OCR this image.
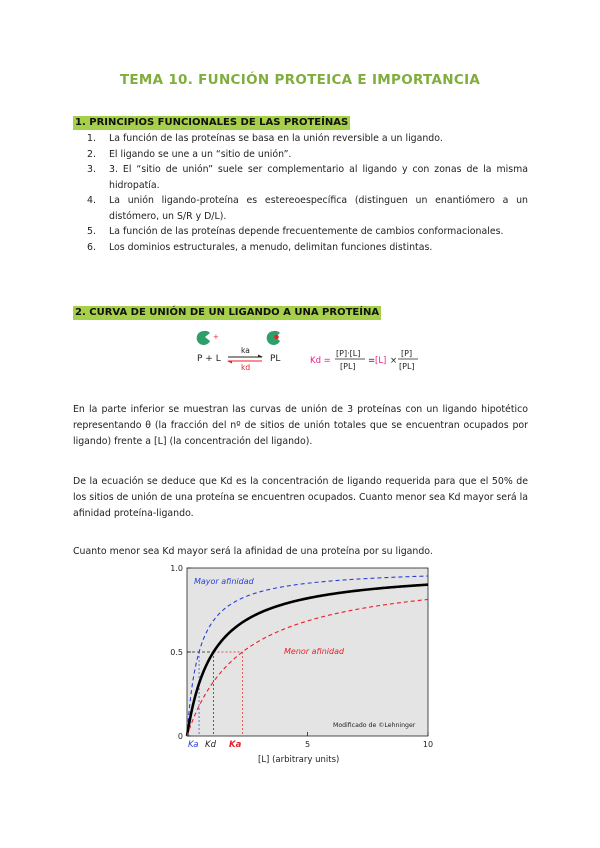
TEMA 10. FUNCIÓN PROTEICA E IMPORTANCIA
1. PRINCIPIOS FUNCIONALES DE LAS PROTEÍNAS
1. La función de las proteínas se basa en la unión reversible a un ligando.
2. El ligando se une a un “sitio de unión”.
3. 3. El “sitio de unión” suele ser complementario al ligando y con zonas de la misma hidropatía.
4. La unión ligando-proteína es estereoespecífica (distinguen un enantiómero a un distómero, un S/R y D/L).
5. La función de las proteínas depende frecuentemente de cambios conformacionales.
6. Los dominios estructurales, a menudo, delimitan funciones distintas.
2. CURVA DE UNIÓN DE UN LIGANDO A UNA PROTEÍNA
+
P + L
ka
kd
PL	Kd =
[P]·[L]
[PL]
= [L] ×
[P]
[PL]
En la parte inferior se muestran las curvas de unión de 3 proteínas con un ligando hipotético representando θ (la fracción del nº de sitios de unión totales que se encuentran ocupados por ligando) frente a [L] (la concentración del ligando).
De la ecuación se deduce que Kd es la concentración de ligando requerida para que el 50% de los sitios de unión de una proteína se encuentren ocupados. Cuanto menor sea Kd mayor será la afinidad proteína-ligando.
Cuanto menor sea Kd mayor será la afinidad de una proteína por su ligando.
0
0.5
1.0
5	10
Mayor afinidad
Menor afinidad
Modificado de ©Lehninger
Ka Kd Ka
[L] (arbitrary units)
